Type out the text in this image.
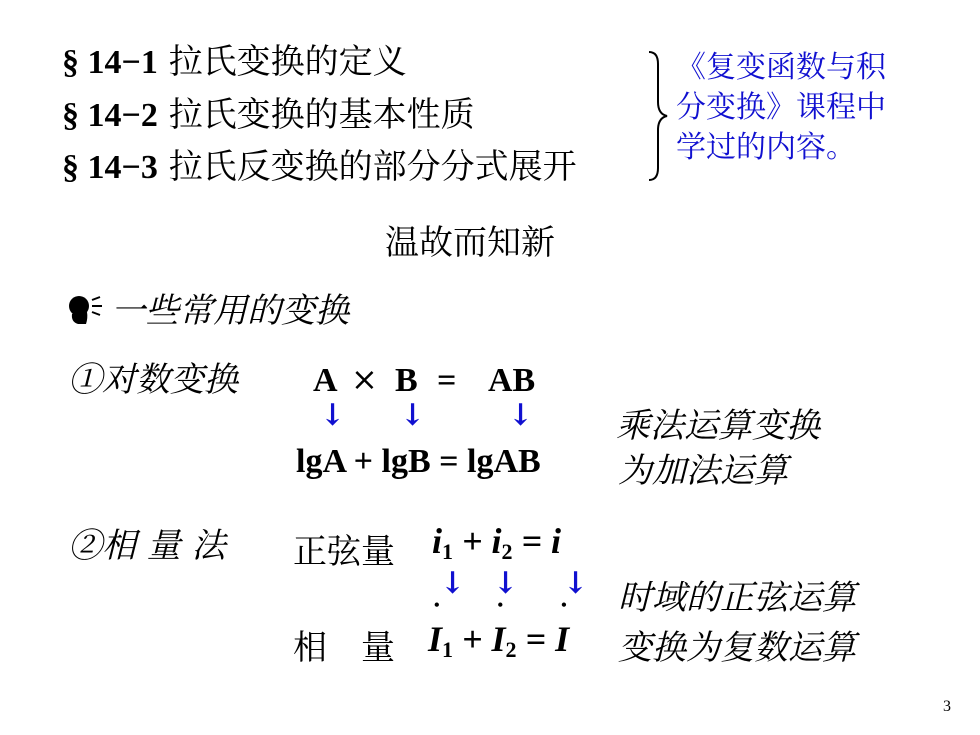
§ 14−1 拉氏变换的定义
§ 14−2 拉氏变换的基本性质
§ 14−3 拉氏反变换的部分分式展开
《复变函数与积
分变换》课程中
学过的内容。
温故而知新
一些常用的变换
①对数变换 A × B = AB
↓ ↓	↓ 乘法运算变换
lgA + lgB = lgAB 为加法运算
②相 量 法 正弦量 $i_1 + i_2 = i$
↓ ↓ ↓ 时域的正弦运算
相　量
• $I_1$ + • $I_2$ = • I 变换为复数运算
3
